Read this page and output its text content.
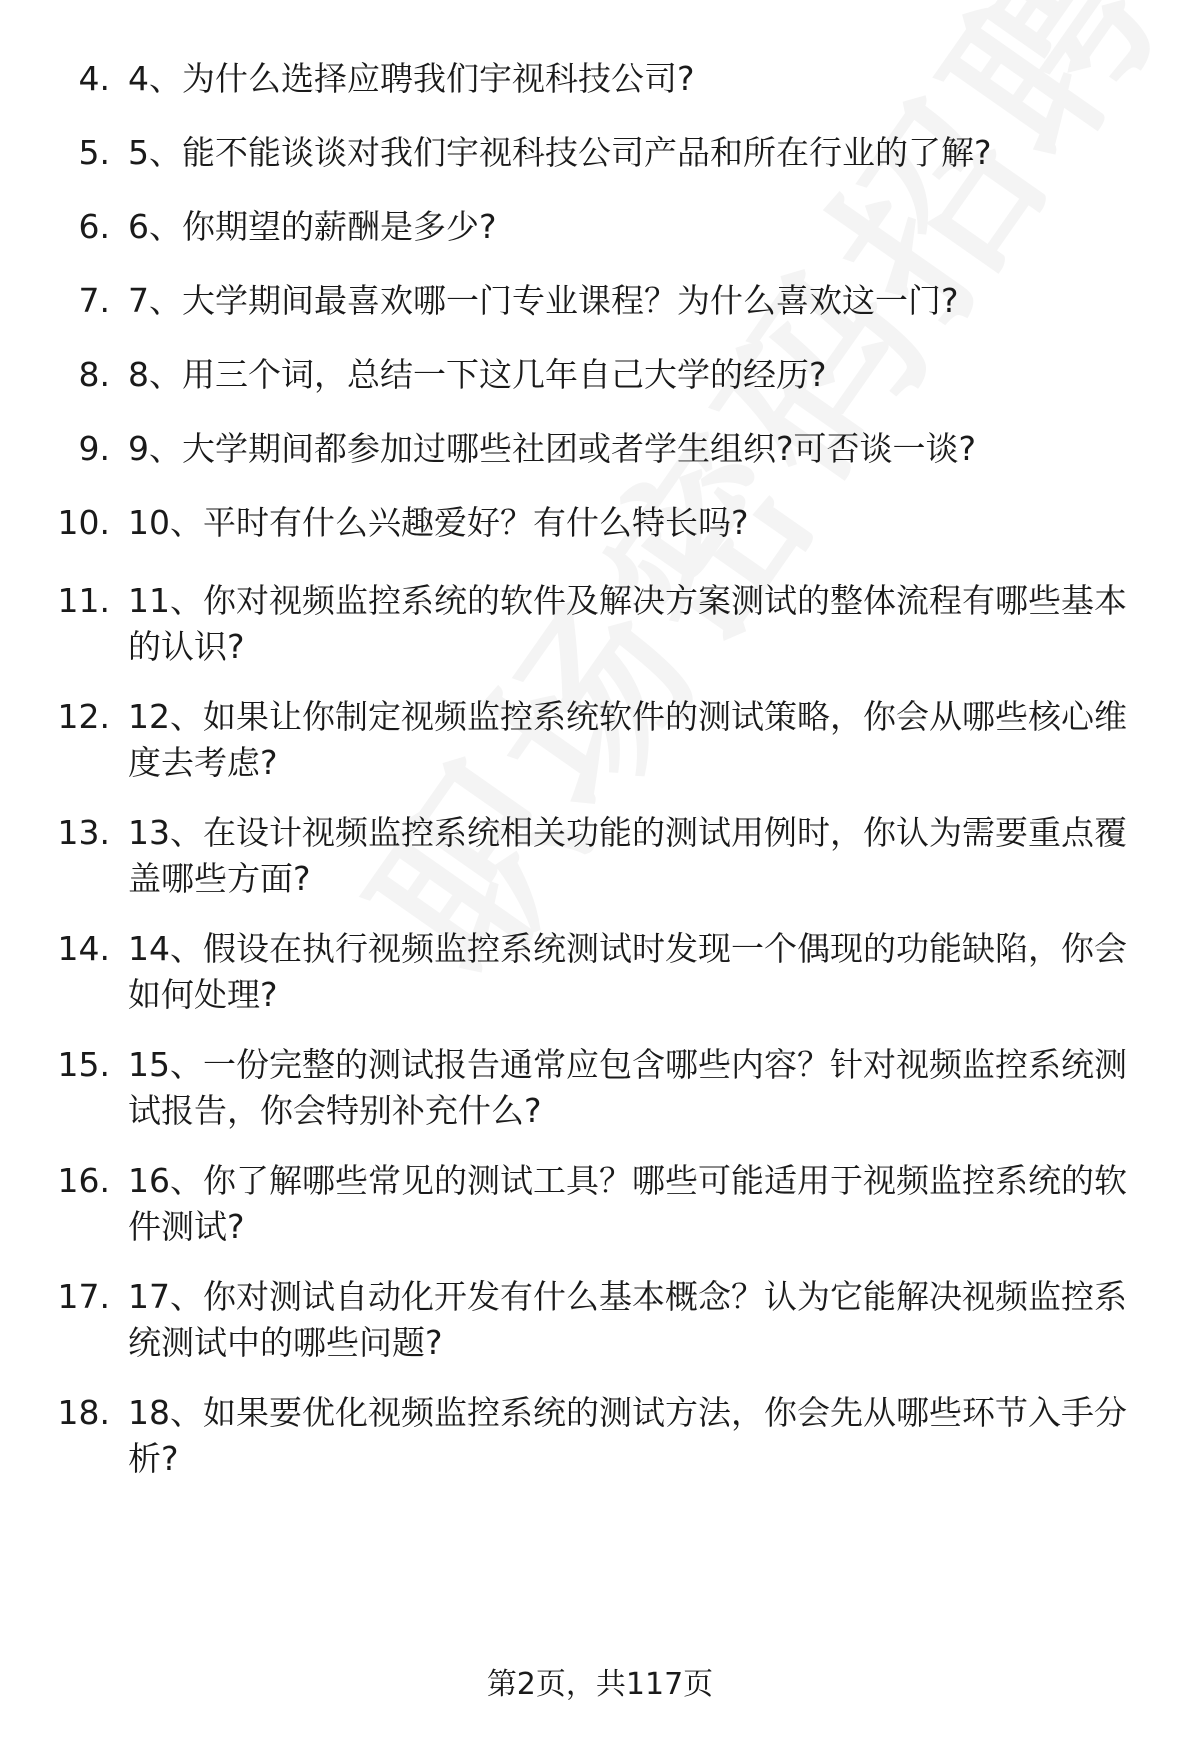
4. 4、为什么选择应聘我们宇视科技公司?
5. 5、能不能谈谈对我们宇视科技公司产品和所在行业的了解?
6. 6、你期望的薪酬是多少?
7. 7、大学期间最喜欢哪一门专业课程？为什么喜欢这一门?
8. 8、用三个词，总结一下这几年自己大学的经历?
9. 9、大学期间都参加过哪些社团或者学生组织?可否谈一谈?
10. 10、平时有什么兴趣爱好？有什么特长吗?
11. 11、你对视频监控系统的软件及解决方案测试的整体流程有哪些基本的认识?
12. 12、如果让你制定视频监控系统软件的测试策略，你会从哪些核心维度去考虑?
13. 13、在设计视频监控系统相关功能的测试用例时，你认为需要重点覆盖哪些方面?
14. 14、假设在执行视频监控系统测试时发现一个偶现的功能缺陷，你会如何处理?
15. 15、一份完整的测试报告通常应包含哪些内容？针对视频监控系统测试报告，你会特别补充什么?
16. 16、你了解哪些常见的测试工具？哪些可能适用于视频监控系统的软件测试?
17. 17、你对测试自动化开发有什么基本概念？认为它能解决视频监控系统测试中的哪些问题?
18. 18、如果要优化视频监控系统的测试方法，你会先从哪些环节入手分析?
第2页，共117页
